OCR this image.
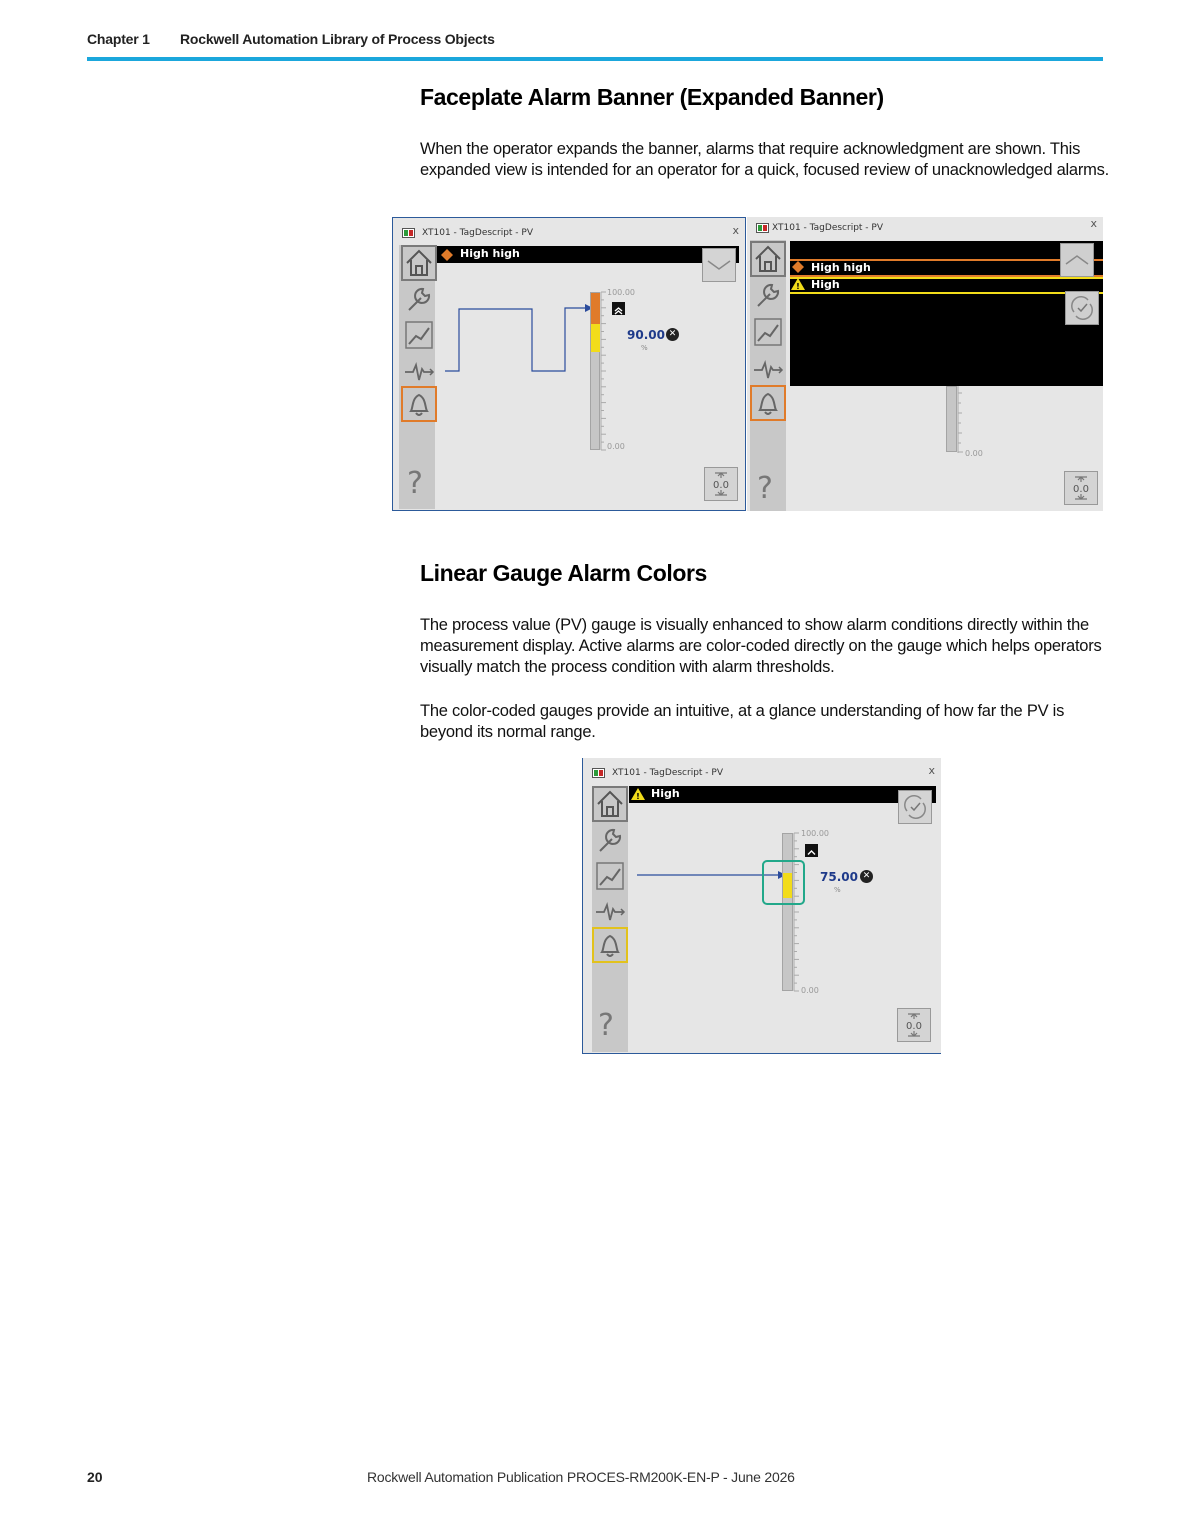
Chapter 1 Rockwell Automation Library of Process Objects
Faceplate Alarm Banner (Expanded Banner)
When the operator expands the banner, alarms that require acknowledgment are shown. This expanded view is intended for an operator for a quick, focused review of unacknowledged alarms.
XT101 - TagDescript - PV	x
?
High high
100.00
0.00
90.00
%
✕
0.0
XT101 - TagDescript - PV	x
?
!
High high
High
0.00
0.0
Linear Gauge Alarm Colors
The process value (PV) gauge is visually enhanced to show alarm conditions directly within the measurement display. Active alarms are color-coded directly on the gauge which helps operators visually match the process condition with alarm thresholds.
The color-coded gauges provide an intuitive, at a glance understanding of how far the PV is beyond its normal range.
XT101 - TagDescript - PV	x
?
! High
100.00
0.00
75.00
%
✕
0.0
20	Rockwell Automation Publication PROCES-RM200K-EN-P - June 2026
